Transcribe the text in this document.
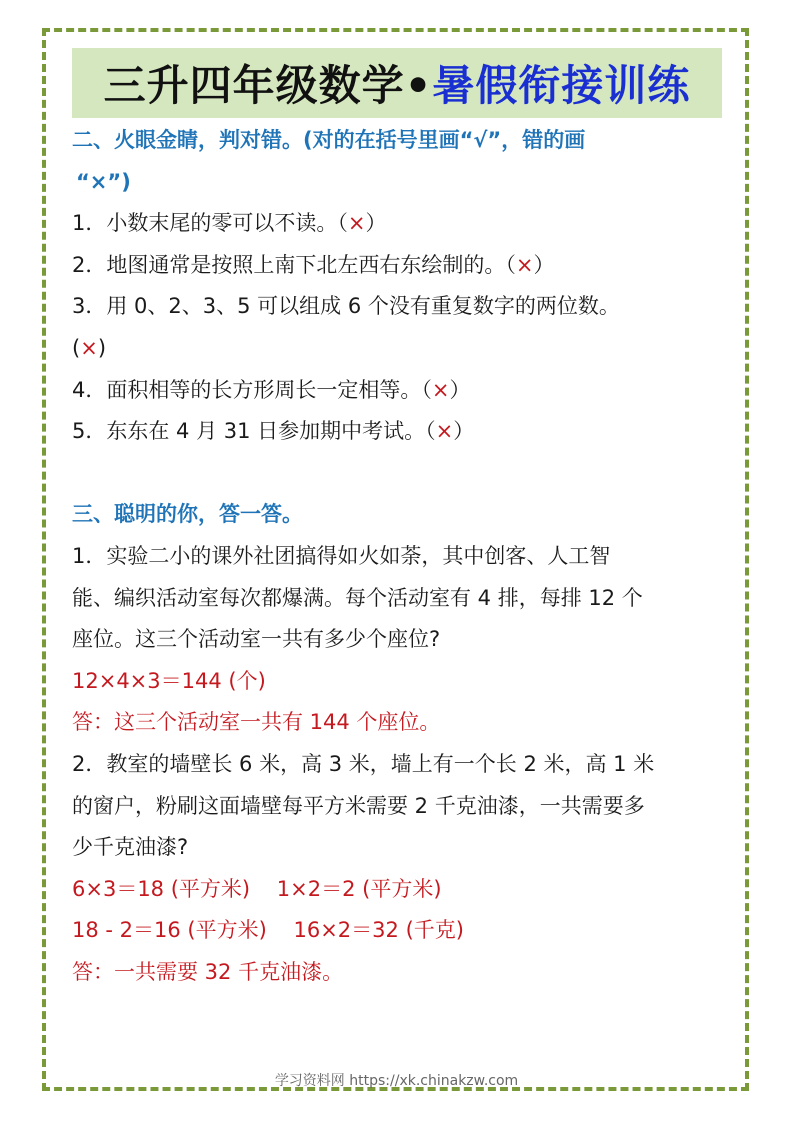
三升四年级数学• 暑假衔接训练
二、火眼金睛，判对错。(对的在括号里画“√”，错的画
“×”)
1．小数末尾的零可以不读。（×）
2．地图通常是按照上南下北左西右东绘制的。（×）
3．用 0、2、3、5 可以组成 6 个没有重复数字的两位数。
(×)
4．面积相等的长方形周长一定相等。（×）
5．东东在 4 月 31 日参加期中考试。（×）
三、聪明的你，答一答。
1．实验二小的课外社团搞得如火如荼，其中创客、人工智
能、编织活动室每次都爆满。每个活动室有 4 排，每排 12 个
座位。这三个活动室一共有多少个座位?
12×4×3＝144 (个)
答：这三个活动室一共有 144 个座位。
2．教室的墙壁长 6 米，高 3 米，墙上有一个长 2 米，高 1 米
的窗户，粉刷这面墙壁每平方米需要 2 千克油漆，一共需要多
少千克油漆?
6×3＝18 (平方米)    1×2＝2 (平方米)
18 - 2＝16 (平方米)    16×2＝32 (千克)
答：一共需要 32 千克油漆。
学习资料网 https://xk.chinakzw.com
